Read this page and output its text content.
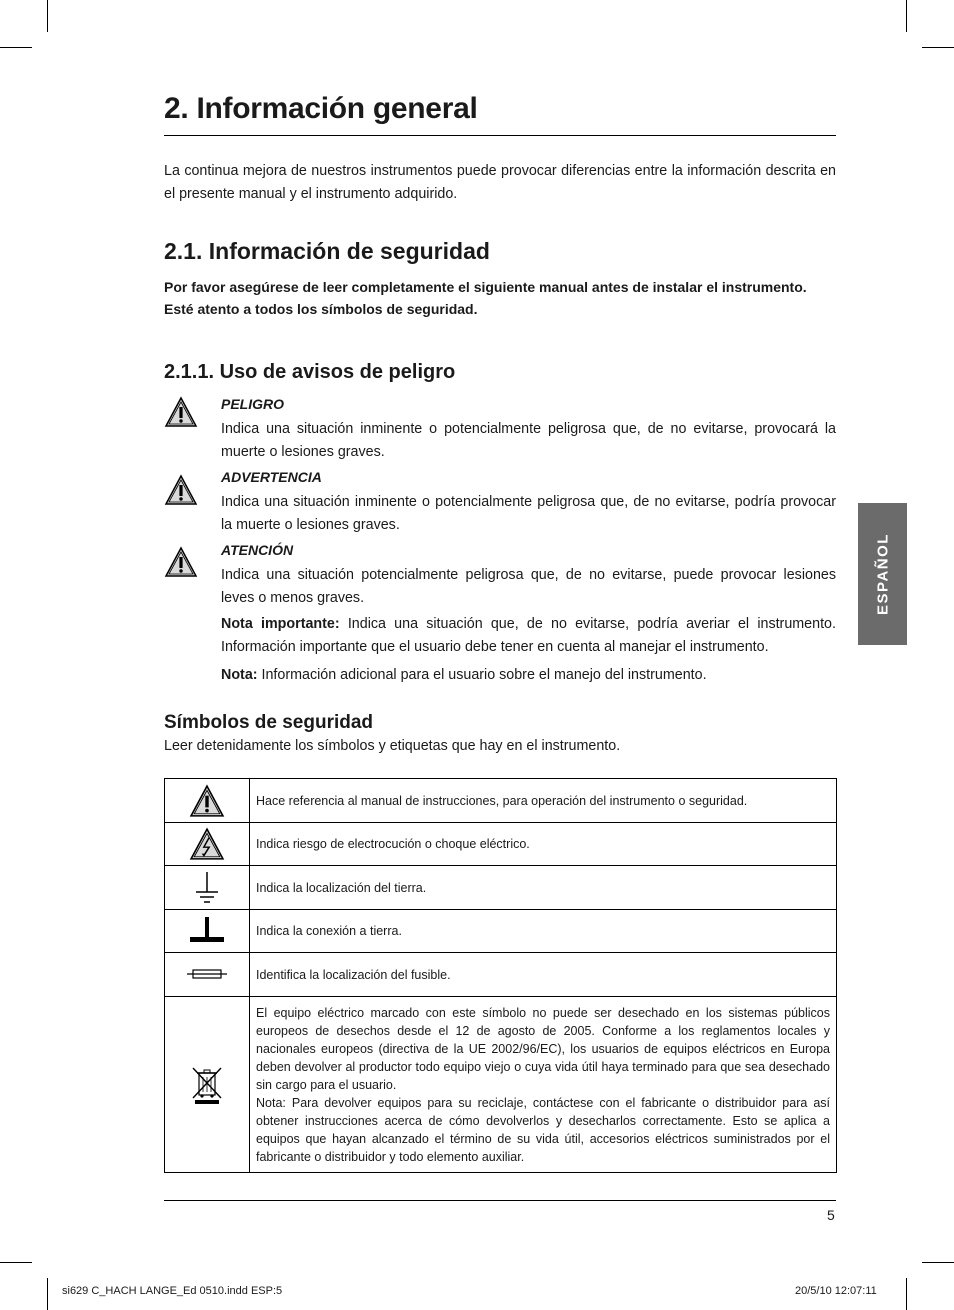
2. Información general

La continua mejora de nuestros instrumentos puede provocar diferencias entre la información descrita en el presente manual y el instrumento adquirido.

2.1. Información de seguridad
Por favor asegúrese de leer completamente el siguiente manual antes de instalar el instrumento.
Esté atento a todos los símbolos de seguridad.
2.1.1. Uso de avisos de peligro
PELIGRO

Indica una situación inminente o potencialmente peligrosa que, de no evitarse, provocará la muerte o lesiones graves.

ADVERTENCIA

Indica una situación inminente o potencialmente peligrosa que, de no evitarse, podría provocar la muerte o lesiones graves.

ATENCIÓN

Indica una situación potencialmente peligrosa que, de no evitarse, puede provocar lesiones leves o menos graves.

Nota importante: Indica una situación que, de no evitarse, podría averiar el instrumento. Información importante que el usuario debe tener en cuenta al manejar el instrumento.

Nota: Información adicional para el usuario sobre el manejo del instrumento.

Símbolos de seguridad

Leer detenidamente los símbolos y etiquetas que hay en el instrumento.

	Hace referencia al manual de instrucciones, para operación del instrumento o seguridad.
	Indica riesgo de electrocución o choque eléctrico.
	Indica la localización del tierra.
	Indica la conexión a tierra.
	Identifica la localización del fusible.
	El equipo eléctrico marcado con este símbolo no puede ser desechado en los sistemas públicos europeos de desechos desde el 12 de agosto de 2005. Conforme a los reglamentos locales y nacionales europeos (directiva de la UE 2002/96/EC), los usuarios de equipos eléctricos en Europa deben devolver al productor todo equipo viejo o cuya vida útil haya terminado para que sea desechado sin cargo para el usuario.
Nota: Para devolver equipos para su reciclaje, contáctese con el fabricante o distribuidor para así obtener instrucciones acerca de cómo devolverlos y desecharlos correctamente. Esto se aplica a equipos que hayan alcanzado el término de su vida útil, accesorios eléctricos suministrados por el fabricante o distribuidor y todo elemento auxiliar.
5
ESPAÑOL
si629 C_HACH LANGE_Ed 0510.indd ESP:5	20/5/10 12:07:11
